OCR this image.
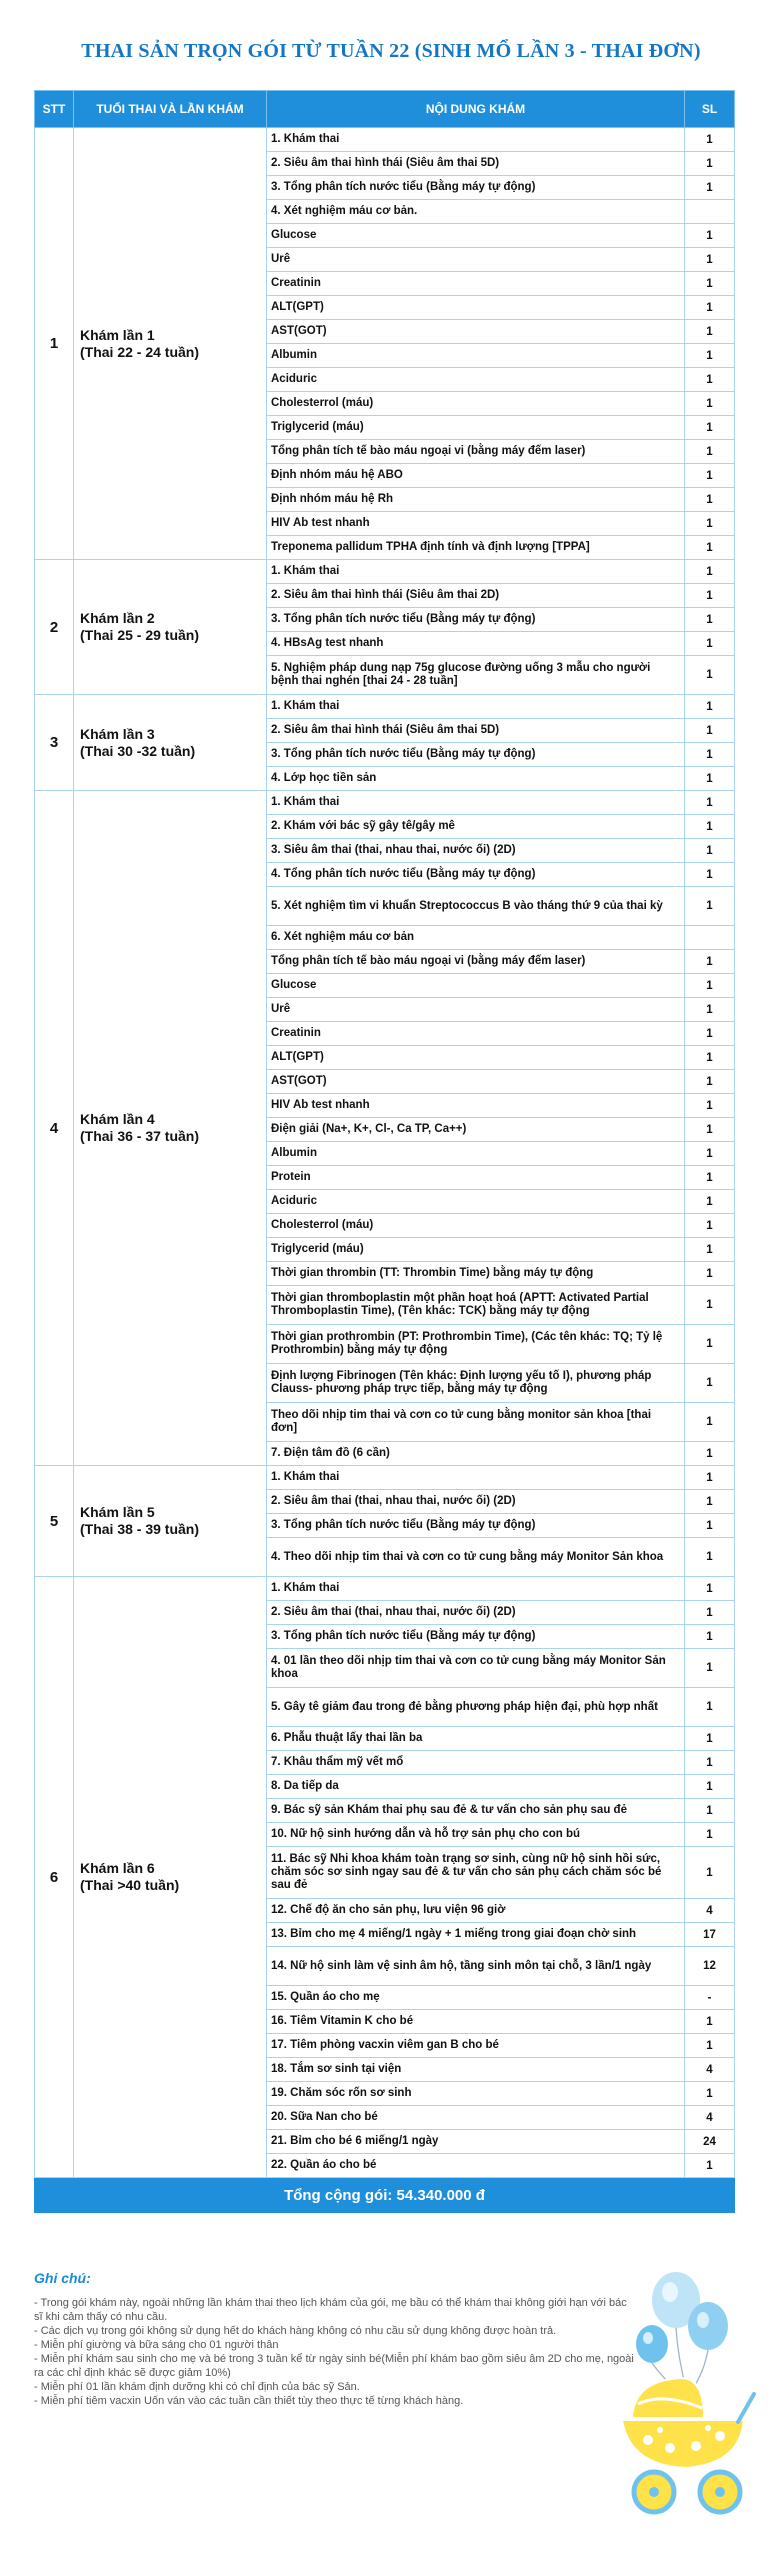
THAI SẢN TRỌN GÓI TỪ TUẦN 22 (SINH MỔ LẦN 3 - THAI ĐƠN)
STT	TUỔI THAI VÀ LẦN KHÁM	NỘI DUNG KHÁM	SL
1	Khám lần 1
(Thai 22 - 24 tuần)	1. Khám thai	1
		2. Siêu âm thai hình thái (Siêu âm thai 5D)	1
		3. Tổng phân tích nước tiểu (Bằng máy tự động)	1
		4. Xét nghiệm máu cơ bản.	
		Glucose	1
		Urê	1
		Creatinin	1
		ALT(GPT)	1
		AST(GOT)	1
		Albumin	1
		Aciduric	1
		Cholesterrol (máu)	1
		Triglycerid (máu)	1
		Tổng phân tích tế bào máu ngoại vi (bằng máy đếm laser)	1
		Định nhóm máu hệ ABO	1
		Định nhóm máu hệ Rh	1
		HIV Ab test nhanh	1
		Treponema pallidum TPHA định tính và định lượng [TPPA]	1
2	Khám lần 2
(Thai 25 - 29 tuần)	1. Khám thai	1
		2. Siêu âm thai hình thái (Siêu âm thai 2D)	1
		3. Tổng phân tích nước tiểu (Bằng máy tự động)	1
		4. HBsAg test nhanh	1
		5. Nghiệm pháp dung nạp 75g glucose đường uống 3 mẫu cho người bệnh thai nghén [thai 24 - 28 tuần]	1
3	Khám lần 3
(Thai 30 -32 tuần)	1. Khám thai	1
		2. Siêu âm thai hình thái (Siêu âm thai 5D)	1
		3. Tổng phân tích nước tiểu (Bằng máy tự động)	1
		4. Lớp học tiền sản	1
4	Khám lần 4
(Thai 36 - 37 tuần)	1. Khám thai	1
		2. Khám với bác sỹ gây tê/gây mê	1
		3. Siêu âm thai (thai, nhau thai, nước ối) (2D)	1
		4. Tổng phân tích nước tiểu (Bằng máy tự động)	1
		5. Xét nghiệm tìm vi khuẩn Streptococcus B vào tháng thứ 9 của thai kỳ	1
		6. Xét nghiệm máu cơ bản	
		Tổng phân tích tế bào máu ngoại vi (bằng máy đếm laser)	1
		Glucose	1
		Urê	1
		Creatinin	1
		ALT(GPT)	1
		AST(GOT)	1
		HIV Ab test nhanh	1
		Điện giải (Na+, K+, Cl-, Ca TP, Ca++)	1
		Albumin	1
		Protein	1
		Aciduric	1
		Cholesterrol (máu)	1
		Triglycerid (máu)	1
		Thời gian thrombin (TT: Thrombin Time) bằng máy tự động	1
		Thời gian thromboplastin một phần hoạt hoá (APTT: Activated Partial Thromboplastin Time), (Tên khác: TCK) bằng máy tự động	1
		Thời gian prothrombin (PT: Prothrombin Time), (Các tên khác: TQ; Tỷ lệ Prothrombin) bằng máy tự động	1
		Định lượng Fibrinogen (Tên khác: Định lượng yếu tố I), phương pháp Clauss- phương pháp trực tiếp, bằng máy tự động	1
		Theo dõi nhịp tim thai và cơn co tử cung bằng monitor sản khoa [thai đơn]	1
		7. Điện tâm đồ (6 cần)	1
5	Khám lần 5
(Thai 38 - 39 tuần)	1. Khám thai	1
		2. Siêu âm thai (thai, nhau thai, nước ối) (2D)	1
		3. Tổng phân tích nước tiểu (Bằng máy tự động)	1
		4. Theo dõi nhịp tim thai và cơn co tử cung bằng máy Monitor Sản khoa	1
6	Khám lần 6
(Thai >40 tuần)	1. Khám thai	1
		2. Siêu âm thai (thai, nhau thai, nước ối) (2D)	1
		3. Tổng phân tích nước tiểu (Bằng máy tự động)	1
		4. 01 lần theo dõi nhịp tim thai và cơn co tử cung bằng máy Monitor Sản khoa	1
		5. Gây tê giảm đau trong đẻ bằng phương pháp hiện đại, phù hợp nhất	1
		6. Phẫu thuật lấy thai lần ba	1
		7. Khâu thẩm mỹ vết mổ	1
		8. Da tiếp da	1
		9. Bác sỹ sản Khám thai phụ sau đẻ & tư vấn cho sản phụ sau đẻ	1
		10. Nữ hộ sinh hướng dẫn và hỗ trợ sản phụ cho con bú	1
		11. Bác sỹ Nhi khoa khám toàn trạng sơ sinh, cùng nữ hộ sinh hồi sức, chăm sóc sơ sinh ngay sau đẻ & tư vấn cho sản phụ cách chăm sóc bé sau đẻ	1
		12. Chế độ ăn cho sản phụ, lưu viện 96 giờ	4
		13. Bỉm cho mẹ 4 miếng/1 ngày + 1 miếng trong giai đoạn chờ sinh	17
		14. Nữ hộ sinh làm vệ sinh âm hộ, tầng sinh môn tại chỗ, 3 lần/1 ngày	12
		15. Quần áo cho mẹ	-
		16. Tiêm Vitamin K cho bé	1
		17. Tiêm phòng vacxin viêm gan B cho bé	1
		18. Tắm sơ sinh tại viện	4
		19. Chăm sóc rốn sơ sinh	1
		20. Sữa Nan cho bé	4
		21. Bỉm cho bé 6 miếng/1 ngày	24
		22. Quần áo cho bé	1
Tổng cộng gói: 54.340.000 đ			
Ghi chú:
- Trong gói khám này, ngoài những lần khám thai theo lịch khám của gói, mẹ bầu có thể khám thai không giới hạn với bác sĩ khi cảm thấy có nhu cầu.
- Các dịch vụ trong gói không sử dụng hết do khách hàng không có nhu cầu sử dụng không được hoàn trả.
- Miễn phí giường và bữa sáng cho 01 người thân
- Miễn phí khám sau sinh cho mẹ và bé trong 3 tuần kể từ ngày sinh bé(Miễn phí khám bao gồm siêu âm 2D cho mẹ, ngoài ra các chỉ định khác sẽ được giảm 10%)
- Miễn phí 01 lần khám định dưỡng khi có chỉ định của bác sỹ Sản.
- Miễn phí tiêm vacxin Uốn ván vào các tuần cần thiết tùy theo thực tế từng khách hàng.
